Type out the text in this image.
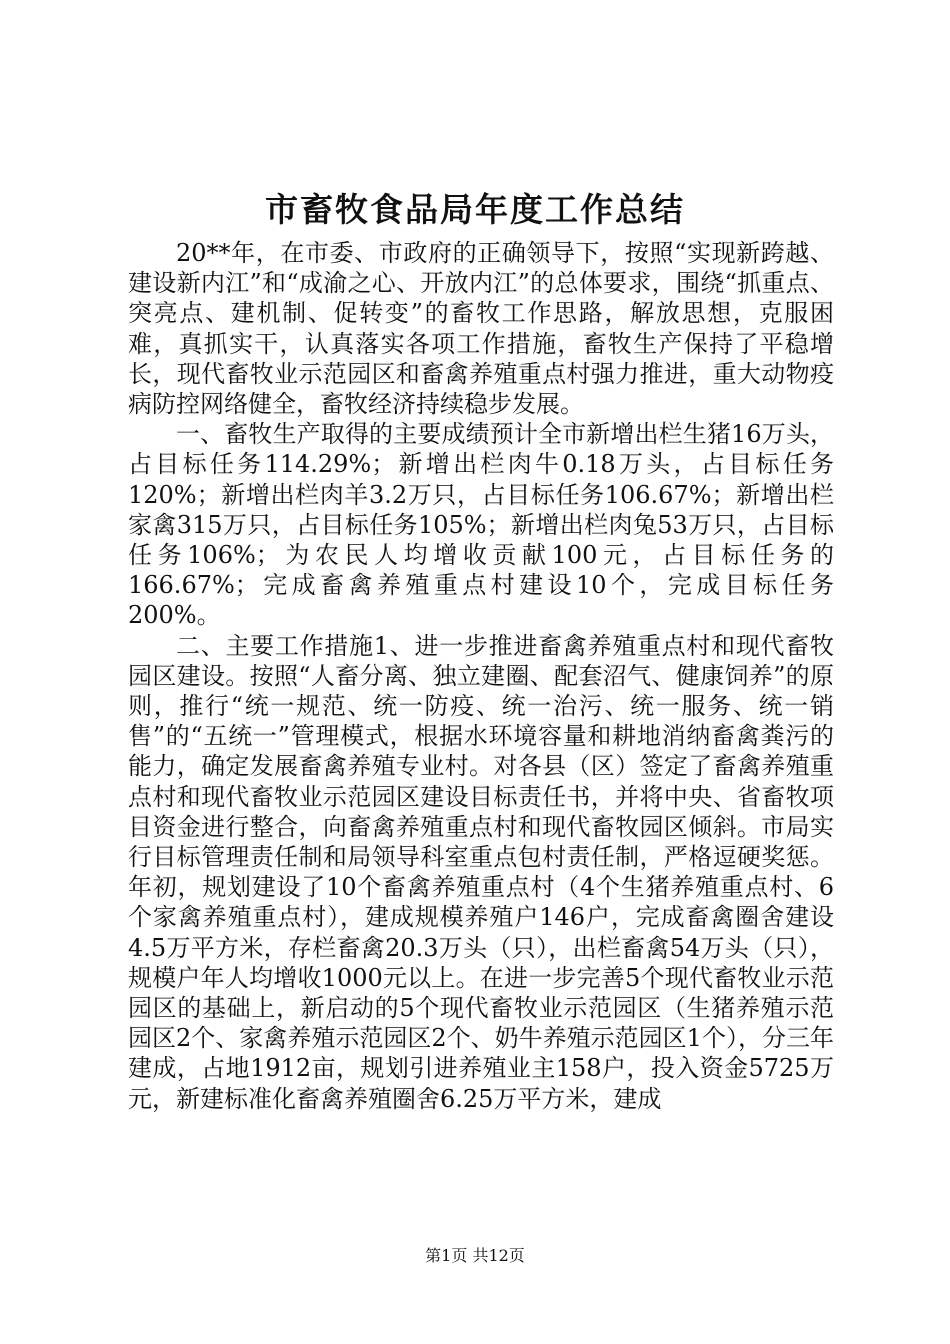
市畜牧食品局年度工作总结

20**年，在市委、市政府的正确领导下，按照“实现新跨越、建设新内江”和“成渝之心、开放内江”的总体要求，围绕“抓重点、突亮点、建机制、促转变”的畜牧工作思路，解放思想，克服困难，真抓实干，认真落实各项工作措施，畜牧生产保持了平稳增长，现代畜牧业示范园区和畜禽养殖重点村强力推进，重大动物疫病防控网络健全，畜牧经济持续稳步发展。

一、畜牧生产取得的主要成绩预计全市新增出栏生猪16万头，占目标任务114.29%；新增出栏肉牛0.18万头，占目标任务120%；新增出栏肉羊3.2万只，占目标任务106.67%；新增出栏家禽315万只，占目标任务105%；新增出栏肉兔53万只，占目标任务106%；为农民人均增收贡献100元，占目标任务的166.67%；完成畜禽养殖重点村建设10个，完成目标任务200%。

二、主要工作措施1、进一步推进畜禽养殖重点村和现代畜牧园区建设。按照“人畜分离、独立建圈、配套沼气、健康饲养”的原则，推行“统一规范、统一防疫、统一治污、统一服务、统一销售”的“五统一”管理模式，根据水环境容量和耕地消纳畜禽粪污的能力，确定发展畜禽养殖专业村。对各县（区）签定了畜禽养殖重点村和现代畜牧业示范园区建设目标责任书，并将中央、省畜牧项目资金进行整合，向畜禽养殖重点村和现代畜牧园区倾斜。市局实行目标管理责任制和局领导科室重点包村责任制，严格逗硬奖惩。年初，规划建设了10个畜禽养殖重点村（4个生猪养殖重点村、6个家禽养殖重点村），建成规模养殖户146户，完成畜禽圈舍建设4.5万平方米，存栏畜禽20.3万头（只），出栏畜禽54万头（只），规模户年人均增收1000元以上。在进一步完善5个现代畜牧业示范园区的基础上，新启动的5个现代畜牧业示范园区（生猪养殖示范园区2个、家禽养殖示范园区2个、奶牛养殖示范园区1个），分三年建成，占地1912亩，规划引进养殖业主158户，投入资金5725万元，新建标准化畜禽养殖圈舍6.25万平方米，建成

第1页 共12页
